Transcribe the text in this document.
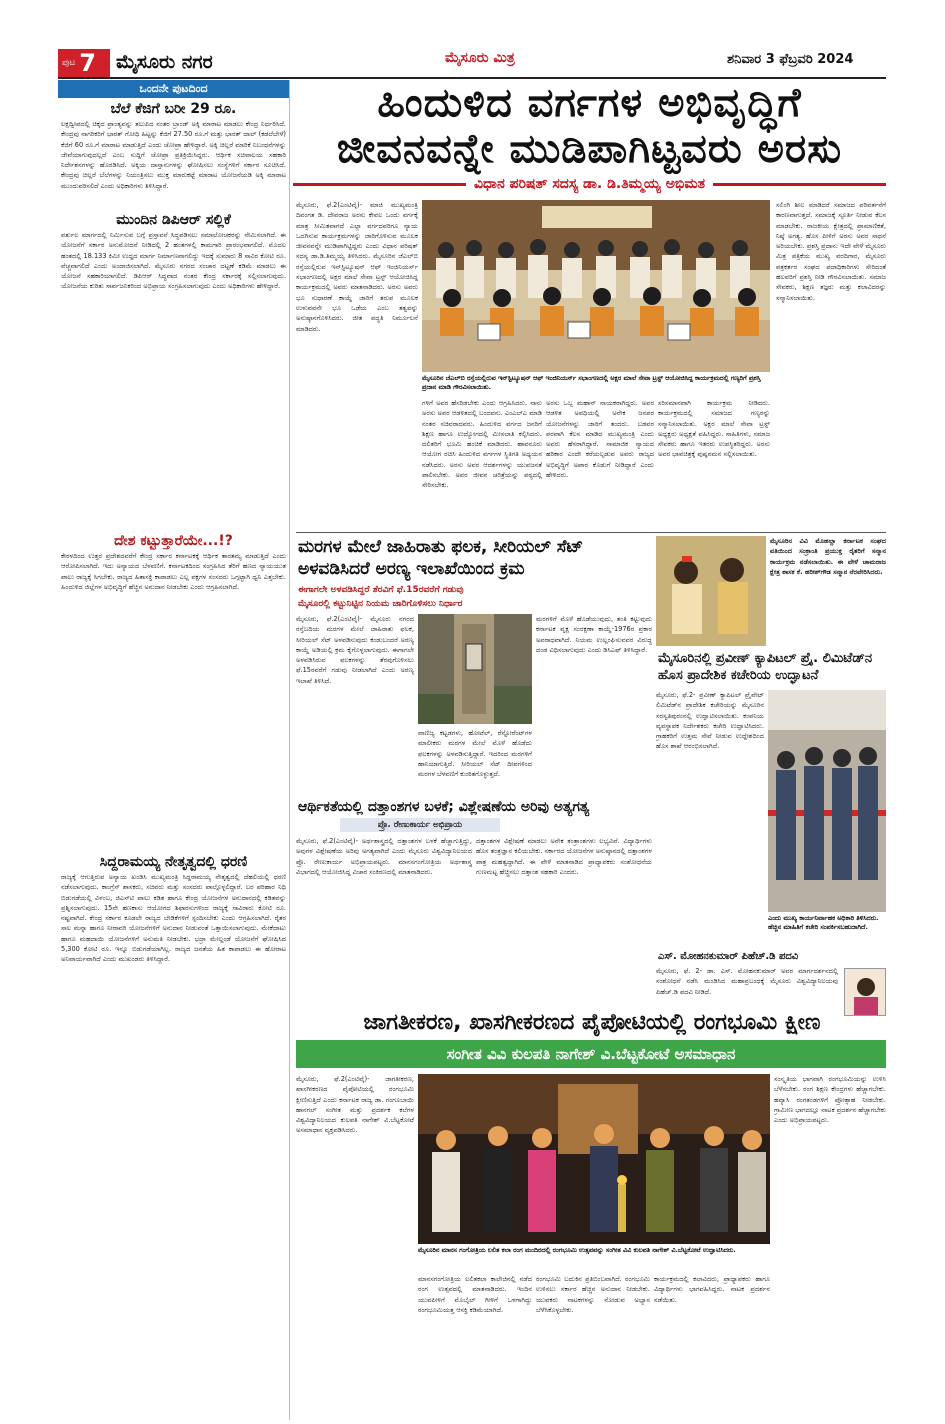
ಪುಟ 7 ಮೈಸೂರು ನಗರ	ಮೈಸೂರು ಮಿತ್ರ	ಶನಿವಾರ 3 ಫೆಬ್ರವರಿ 2024
ಒಂದನೇ ಪುಟದಿಂದ
ಬೆಲೆ ಕೆಜಿಗೆ ಬರೀ 29 ರೂ.
ಲಕ್ಷದ್ವೀಪದಲ್ಲಿ ಚಿಕ್ಕದ ಪ್ರಾಂತ್ಯವನ್ನು ತಲುಪಿದ ನಂತರ ಬ್ರಾಂಡ್ ಅಕ್ಕಿ ಮಾರಾಟ ಮಾಡಲು ಕೇಂದ್ರ ನಿರ್ಧರಿಸಿದೆ. ಕೇಂದ್ರವು ನಾಗರಿಕರಿಗೆ ಭಾರತ್ ಗೋಧಿ ಹಿಟ್ಟನ್ನು ಕೆಜಿಗೆ 27.50 ರೂ.ಗೆ ಮತ್ತು ಭಾರತ್ ದಾಲ್ (ಕಡಲೆಬೇಳೆ) ಕೆಜಿಗೆ 60 ರೂ.ಗೆ ಮಾರಾಟ ಮಾಡುತ್ತಿದೆ ಎಂದು ಚೋಪ್ರಾ ಹೇಳಿದ್ದಾರೆ. ಅಕ್ಕಿ ಚಿಲ್ಲರೆ ಮಾರಿಕೆ ನಿಬಂಧನೆಗಳನ್ನು ಜೇವೆಯಾಗುವುದಲ್ಲದೆ ಎಂಬ ಸುದ್ದಿಗೆ ಚೋಪ್ರಾ ಪ್ರತಿಕ್ರಿಯಿಸಿದ್ದರು. ಆರ್ಥಿಕ ಸಚಿವಾಲಯ ಸಹಕಾರಿ ನಿರ್ದೇಶನಗಳನ್ನು ಹೊರಡಿಸಿದೆ. ಅಕ್ಕಿಯ ದಾಸ್ತಾನುಗಳನ್ನು ಘೋಷಿಸಲು ಸಂಸ್ಥೆಗಳಿಗೆ ಸರ್ಕಾರ ಸೂಚಿಸಿದೆ. ಕೇಂದ್ರವು ಚಿಲ್ಲರೆ ಬೆಲೆಗಳನ್ನು ನಿಯಂತ್ರಿಸಲು ಮುಕ್ತ ಮಾರುಕಟ್ಟೆ ಮಾರಾಟ ಯೋಜನೆಯಡಿ ಅಕ್ಕಿ ಮಾರಾಟ ಮುಂದುವರಿಸಲಿದೆ ಎಂದು ಅಧಿಕಾರಿಗಳು ತಿಳಿಸಿದ್ದಾರೆ.
ಮುಂದಿನ ಡಿಪಿಆರ್ ಸಲ್ಲಿಕೆ
ವರ್ತುಲ ಮಾರ್ಗದಲ್ಲಿ ನಿರ್ಮಿಸುವ ಬಗ್ಗೆ ಪ್ರಸ್ತಾವನೆ ಸಿದ್ಧಪಡಿಸಲು ಸಮಾಲೋಚಕರನ್ನು ನೇಮಿಸಲಾಗಿದೆ. ಈ ಯೋಜನೆಗೆ ಸರ್ಕಾರ ಅನುಮೋದನೆ ನೀಡಿದಲ್ಲಿ 2 ಹಂತಗಳಲ್ಲಿ ಕಾಮಗಾರಿ ಪ್ರಾರಂಭವಾಗಲಿದೆ. ಮೊದಲ ಹಂತದಲ್ಲಿ 18.133 ಕಿಮೀ ಉದ್ದದ ಮಾರ್ಗ ನಿರ್ಮಾಣವಾಗಲಿದ್ದು ಇದಕ್ಕೆ ಸುಮಾರು 8 ಸಾವಿರ ಕೋಟಿ ರೂ. ವೆಚ್ಚವಾಗಲಿದೆ ಎಂದು ಅಂದಾಜಿಸಲಾಗಿದೆ. ಮೈಸೂರು ನಗರದ ಸಂಚಾರ ದಟ್ಟಣೆ ಕಡಿಮೆ ಮಾಡಲು ಈ ಯೋಜನೆ ಸಹಕಾರಿಯಾಗಲಿದೆ. ಡಿಪಿಆರ್ ಸಿದ್ಧವಾದ ನಂತರ ಕೇಂದ್ರ ಸರ್ಕಾರಕ್ಕೆ ಸಲ್ಲಿಸಲಾಗುವುದು. ಯೋಜನೆಯ ಕುರಿತು ಸಾರ್ವಜನಿಕರಿಂದ ಅಭಿಪ್ರಾಯ ಸಂಗ್ರಹಿಸಲಾಗುವುದು ಎಂದು ಅಧಿಕಾರಿಗಳು ಹೇಳಿದ್ದಾರೆ.
ದೇಶ ಕಟ್ಟುತ್ತಾರೆಯೇ...!?
ಕೇರಳದಿಂದ ಉತ್ತರ ಪ್ರದೇಶದವರೆಗೆ ಕೇಂದ್ರ ಸರ್ಕಾರ ಕರ್ನಾಟಕಕ್ಕೆ ಆರ್ಥಿಕ ತಾರತಮ್ಯ ಮಾಡುತ್ತಿದೆ ಎಂದು ಆರೋಪಿಸಲಾಗಿದೆ. ಇದು ಅನ್ಯಾಯದ ಬೆಳವಣಿಗೆ. ಕರ್ನಾಟಕದಿಂದ ಸಂಗ್ರಹಿಸಿದ ತೆರಿಗೆ ಹಣದ ನ್ಯಾಯಯುತ ಪಾಲು ರಾಜ್ಯಕ್ಕೆ ಸಿಗಬೇಕು. ರಾಜ್ಯದ ಹಿತಾಸಕ್ತಿ ಕಾಪಾಡಲು ಎಲ್ಲ ಪಕ್ಷಗಳ ಸಂಸದರು ಒಗ್ಗಟ್ಟಾಗಿ ಧ್ವನಿ ಎತ್ತಬೇಕು. ಹಿಂದುಳಿದ ಜಿಲ್ಲೆಗಳ ಅಭಿವೃದ್ಧಿಗೆ ಹೆಚ್ಚಿನ ಅನುದಾನ ನೀಡಬೇಕು ಎಂದು ಆಗ್ರಹಿಸಲಾಗಿದೆ.
ಸಿದ್ದರಾಮಯ್ಯ ನೇತೃತ್ವದಲ್ಲಿ ಧರಣಿ
ರಾಜ್ಯಕ್ಕೆ ಆಗುತ್ತಿರುವ ಅನ್ಯಾಯ ಖಂಡಿಸಿ ಮುಖ್ಯಮಂತ್ರಿ ಸಿದ್ದರಾಮಯ್ಯ ನೇತೃತ್ವದಲ್ಲಿ ದೆಹಲಿಯಲ್ಲಿ ಧರಣಿ ನಡೆಸಲಾಗುವುದು. ಕಾಂಗ್ರೆಸ್ ಶಾಸಕರು, ಸಚಿವರು ಮತ್ತು ಸಂಸದರು ಪಾಲ್ಗೊಳ್ಳಲಿದ್ದಾರೆ. ಬರ ಪರಿಹಾರ ನಿಧಿ ಬಿಡುಗಡೆಯಲ್ಲಿ ವಿಳಂಬ, ಜಿಎಸ್‌ಟಿ ಪಾಲು ಕಡಿತ ಹಾಗೂ ಕೇಂದ್ರ ಯೋಜನೆಗಳ ಅನುದಾನದಲ್ಲಿ ಕಡಿತವನ್ನು ಪ್ರಶ್ನಿಸಲಾಗುವುದು. 15ನೇ ಹಣಕಾಸು ಆಯೋಗದ ಶಿಫಾರಸುಗಳಿಂದ ರಾಜ್ಯಕ್ಕೆ ಸಾವಿರಾರು ಕೋಟಿ ರೂ. ನಷ್ಟವಾಗಿದೆ. ಕೇಂದ್ರ ಸರ್ಕಾರ ಕೂಡಲೇ ರಾಜ್ಯದ ಬೇಡಿಕೆಗಳಿಗೆ ಸ್ಪಂದಿಸಬೇಕು ಎಂದು ಆಗ್ರಹಿಸಲಾಗಿದೆ. ರೈತರ ಸಾಲ ಮನ್ನಾ ಹಾಗೂ ನೀರಾವರಿ ಯೋಜನೆಗಳಿಗೆ ಅನುದಾನ ನೀಡುವಂತೆ ಒತ್ತಾಯಿಸಲಾಗುವುದು. ಮೇಕೆದಾಟು ಹಾಗೂ ಮಹದಾಯಿ ಯೋಜನೆಗಳಿಗೆ ಅನುಮತಿ ನೀಡಬೇಕು. ಭದ್ರಾ ಮೇಲ್ದಂಡೆ ಯೋಜನೆಗೆ ಘೋಷಿಸಿದ 5,300 ಕೋಟಿ ರೂ. ಇನ್ನೂ ಬಿಡುಗಡೆಯಾಗಿಲ್ಲ. ರಾಜ್ಯದ ಜನತೆಯ ಹಿತ ಕಾಪಾಡಲು ಈ ಹೋರಾಟ ಅನಿವಾರ್ಯವಾಗಿದೆ ಎಂದು ಮುಖಂಡರು ತಿಳಿಸಿದ್ದಾರೆ.
ಹಿಂದುಳಿದ ವರ್ಗಗಳ ಅಭಿವೃದ್ಧಿಗೆ
ಜೀವನವನ್ನೇ ಮುಡಿಪಾಗಿಟ್ಟವರು ಅರಸು
ವಿಧಾನ ಪರಿಷತ್ ಸದಸ್ಯ ಡಾ. ಡಿ.ತಿಮ್ಮಯ್ಯ ಅಭಿಮತ
ಮೈಸೂರು, ಫೆ.2(ಎಂಟಿವೈ)- ಮಾಜಿ ಮುಖ್ಯಮಂತ್ರಿ ದಿವಂಗತ ಡಿ. ದೇವರಾಜ ಅರಸು ಕೇವಲ ಒಂದು ವರ್ಗಕ್ಕೆ ಮಾತ್ರ ಸೀಮಿತವಾಗದೆ ಎಲ್ಲಾ ವರ್ಗದವರಿಗೂ ನ್ಯಾಯ ಒದಗಿಸುವ ಕಾರ್ಯಕ್ರಮಗಳನ್ನು ಜಾರಿಗೊಳಿಸುವ ಮೂಲಕ ಜೀವನವನ್ನೇ ಮುಡಿಪಾಗಿಟ್ಟಿದ್ದರು ಎಂದು ವಿಧಾನ ಪರಿಷತ್ ಸದಸ್ಯ ಡಾ.ಡಿ.ತಿಮ್ಮಯ್ಯ ತಿಳಿಸಿದರು. ಮೈಸೂರಿನ ಜೆಎಲ್‌ಬಿ ರಸ್ತೆಯಲ್ಲಿರುವ ಇನ್‌ಸ್ಟಿಟ್ಯೂಷನ್ ಆಫ್ ಇಂಜಿನಿಯರ್ಸ್ ಸಭಾಂಗಣದಲ್ಲಿ ಅಕ್ಷರ ಮಾಲೆ ಸೇವಾ ಟ್ರಸ್ಟ್ ಆಯೋಜಿಸಿದ್ದ ಕಾರ್ಯಕ್ರಮದಲ್ಲಿ ಅವರು ಮಾತನಾಡಿದರು. ಅರಸು ಅವರು ಭೂ ಸುಧಾರಣೆ ಕಾಯ್ದೆ ಜಾರಿಗೆ ತರುವ ಮೂಲಕ ಉಳುವವನೇ ಭೂ ಒಡೆಯ ಎಂಬ ತತ್ವವನ್ನು ಅನುಷ್ಠಾನಗೊಳಿಸಿದರು. ಜೀತ ಪದ್ಧತಿ ನಿರ್ಮೂಲನೆ ಮಾಡಿದರು.
ಮೈಸೂರಿನ ಜೆಎಲ್‌ಬಿ ರಸ್ತೆಯಲ್ಲಿರುವ ಇನ್‌ಸ್ಟಿಟ್ಯೂಷನ್ ಆಫ್ ಇಂಜಿನಿಯರ್ಸ್ ಸಭಾಂಗಣದಲ್ಲಿ ಅಕ್ಷರ ಮಾಲೆ ಸೇವಾ ಟ್ರಸ್ಟ್ ಆಯೋಜಿಸಿದ್ದ ಕಾರ್ಯಕ್ರಮದಲ್ಲಿ ಗಣ್ಯರಿಗೆ ಪ್ರಶಸ್ತಿ ಪ್ರದಾನ ಮಾಡಿ ಗೌರವಿಸಲಾಯಿತು.
ಗಳಿಗೆ ಅವರ ಹೆಸರಿಡಬೇಕು ಎಂದು ಆಗ್ರಹಿಸಿದರು. ನಾನು ಅರಸು ಅವರ ಆಡಳಿತದಲ್ಲಿ ಬಂದವನು. ಎಂಎಲ್‌ಎ ಮಾಡಿ ನಂತರ ಸಚಿವರಾದವರು. ಹಿಂದುಳಿದ ವರ್ಗದ ಜನರಿಗೆ ಶಿಕ್ಷಣ ಹಾಗೂ ಉದ್ಯೋಗದಲ್ಲಿ ಮೀಸಲಾತಿ ಕಲ್ಪಿಸಿದರು. ದಲಿತರಿಗೆ ಭೂಮಿ ಹಂಚಿಕೆ ಮಾಡಿದರು. ಹಾವನೂರು ಆಯೋಗ ರಚಿಸಿ ಹಿಂದುಳಿದ ವರ್ಗಗಳ ಸ್ಥಿತಿಗತಿ ಅಧ್ಯಯನ ನಡೆಸಿದರು. ಅರಸು ಅವರ ಆದರ್ಶಗಳನ್ನು ಯುವಜನತೆ ಪಾಲಿಸಬೇಕು. ಅವರ ಜೀವನ ಚರಿತ್ರೆಯನ್ನು ಪಠ್ಯದಲ್ಲಿ ಸೇರಿಸಬೇಕು.
ಅರಸು ಒಬ್ಬ ಮಹಾನ್ ನಾಯಕರಾಗಿದ್ದರು. ಅವರ ಆಡಳಿತ ಅವಧಿಯಲ್ಲಿ ಅನೇಕ ಜನಪರ ಯೋಜನೆಗಳನ್ನು ಜಾರಿಗೆ ತಂದರು. ಬಡವರ ಪರವಾಗಿ ಕೆಲಸ ಮಾಡಿದ ಮುಖ್ಯಮಂತ್ರಿ ಎಂದು ಅವರು ಹೆಸರಾಗಿದ್ದಾರೆ. ಸಾಮಾಜಿಕ ನ್ಯಾಯದ ಹರಿಕಾರ ಎಂದೇ ಕರೆಯಲ್ಪಡುವ ಅವರು ರಾಜ್ಯದ ಅಭಿವೃದ್ಧಿಗೆ ಅಪಾರ ಕೊಡುಗೆ ನೀಡಿದ್ದಾರೆ ಎಂದು ಹೇಳಿದರು.
ಸರಿಸಮಾನವಾಗಿ ಕಾರ್ಯಕ್ರಮ ನೀಡಿದರು. ಕಾರ್ಯಕ್ರಮದಲ್ಲಿ ಸಮಾಜದ ಗಣ್ಯರನ್ನು ಸನ್ಮಾನಿಸಲಾಯಿತು. ಅಕ್ಷರ ಮಾಲೆ ಸೇವಾ ಟ್ರಸ್ಟ್ ಅಧ್ಯಕ್ಷರು ಅಧ್ಯಕ್ಷತೆ ವಹಿಸಿದ್ದರು. ಸಾಹಿತಿಗಳು, ಸಮಾಜ ಸೇವಕರು ಹಾಗೂ ಇತರರು ಉಪಸ್ಥಿತರಿದ್ದರು. ಅರಸು ಅವರ ಭಾವಚಿತ್ರಕ್ಕೆ ಪುಷ್ಪನಮನ ಸಲ್ಲಿಸಲಾಯಿತು.
ಸಲಿಂಗಿ ಶೀಲ ಮಾಡಿದರೆ ಸಮಾಜದ ಪರಿವರ್ತನೆಗೆ ಕಾರಣವಾಗುತ್ತದೆ. ಸಮಾಜಕ್ಕೆ ಸ್ಫೂರ್ತಿ ನೀಡುವ ಕೆಲಸ ಮಾಡಬೇಕು. ರಾಜಕೀಯ ಕ್ಷೇತ್ರದಲ್ಲಿ ಪ್ರಾಮಾಣಿಕತೆ, ನಿಷ್ಠೆ ಅಗತ್ಯ. ಹೊಸ ಪೀಳಿಗೆ ಅರಸು ಅವರ ಸಾಧನೆ ಅರಿಯಬೇಕು. ಪ್ರಶಸ್ತಿ ಪ್ರದಾನ: ಇದೇ ವೇಳೆ ಮೈಸೂರು ಮಿತ್ರ ಪತ್ರಿಕೆಯ ಮುಖ್ಯ ವರದಿಗಾರ, ಮೈಸೂರು ಪತ್ರಕರ್ತರ ಸಂಘದ ಪದಾಧಿಕಾರಿಗಳು ಸೇರಿದಂತೆ ಹಲವರಿಗೆ ಪ್ರಶಸ್ತಿ ನೀಡಿ ಗೌರವಿಸಲಾಯಿತು. ಸಮಾಜ ಸೇವಕರು, ಶಿಕ್ಷಣ ತಜ್ಞರು ಮತ್ತು ಕಲಾವಿದರನ್ನು ಸನ್ಮಾನಿಸಲಾಯಿತು.
ಮರಗಳ ಮೇಲೆ ಜಾಹಿರಾತು ಫಲಕ, ಸೀರಿಯಲ್ ಸೆಟ್ ಅಳವಡಿಸಿದರೆ ಅರಣ್ಯ ಇಲಾಖೆಯಿಂದ ಕ್ರಮ
ಈಗಾಗಲೇ ಅಳವಡಿಸಿದ್ದರೆ ತೆರವಿಗೆ ಫೆ.15ರವರೆಗೆ ಗಡುವು
ಮೈಸೂರಲ್ಲಿ ಕಟ್ಟುನಿಟ್ಟಿನ ನಿಯಮ ಜಾರಿಗೊಳಿಸಲು ನಿರ್ಧಾರ
ಮೈಸೂರು, ಫೆ.2(ಎಂಟಿವೈ)- ಮೈಸೂರು ನಗರದ ರಸ್ತೆಬದಿಯ ಮರಗಳ ಮೇಲೆ ಜಾಹಿರಾತು ಫಲಕ, ಸೀರಿಯಲ್ ಸೆಟ್ ಅಳವಡಿಸುವುದು ಕಂಡುಬಂದರೆ ಅರಣ್ಯ ಕಾಯ್ದೆ ಅಡಿಯಲ್ಲಿ ಕ್ರಮ ಕೈಗೊಳ್ಳಲಾಗುವುದು. ಈಗಾಗಲೇ ಅಳವಡಿಸಿರುವ ಫಲಕಗಳನ್ನು ತೆರವುಗೊಳಿಸಲು ಫೆ.15ರವರೆಗೆ ಗಡುವು ನೀಡಲಾಗಿದೆ ಎಂದು ಅರಣ್ಯ ಇಲಾಖೆ ತಿಳಿಸಿದೆ.
ವಾಣಿಜ್ಯ ಕಟ್ಟಡಗಳು, ಹೋಟೆಲ್, ರೆಸ್ಟೋರೆಂಟ್‌ಗಳ ಮಾಲೀಕರು ಮರಗಳ ಮೇಲೆ ಮೊಳೆ ಹೊಡೆದು ಫಲಕಗಳನ್ನು ಅಳವಡಿಸುತ್ತಿದ್ದಾರೆ. ಇದರಿಂದ ಮರಗಳಿಗೆ ಹಾನಿಯಾಗುತ್ತಿದೆ. ಸೀರಿಯಲ್ ಸೆಟ್ ದೀಪಗಳಿಂದ ಮರಗಳ ಬೆಳವಣಿಗೆ ಕುಂಠಿತಗೊಳ್ಳುತ್ತದೆ.
ಮರಗಳಿಗೆ ಮೊಳೆ ಹೊಡೆಯುವುದು, ತಂತಿ ಕಟ್ಟುವುದು ಕರ್ನಾಟಕ ವೃಕ್ಷ ಸಂರಕ್ಷಣಾ ಕಾಯ್ದೆ-1976ರ ಪ್ರಕಾರ ಅಪರಾಧವಾಗಿದೆ. ನಿಯಮ ಉಲ್ಲಂಘಿಸುವವರ ವಿರುದ್ಧ ದಂಡ ವಿಧಿಸಲಾಗುವುದು ಎಂದು ಡಿಸಿಎಫ್ ತಿಳಿಸಿದ್ದಾರೆ.
ಆರ್ಥಿಕತೆಯಲ್ಲಿ ದತ್ತಾಂಶಗಳ ಬಳಕೆ; ವಿಶ್ಲೇಷಣೆಯ ಅರಿವು ಅತ್ಯಗತ್ಯ
ಪ್ರೊ. ರೇಣುಕಾರ್ಯ ಅಭಿಪ್ರಾಯ
ಮೈಸೂರು, ಫೆ.2(ಎಂಟಿವೈ)- ಅರ್ಥಶಾಸ್ತ್ರದಲ್ಲಿ ದತ್ತಾಂಶಗಳ ಬಳಕೆ ಹೆಚ್ಚಾಗುತ್ತಿದ್ದು, ಅವುಗಳ ವಿಶ್ಲೇಷಣೆಯ ಅರಿವು ಅಗತ್ಯವಾಗಿದೆ ಎಂದು ಮೈಸೂರು ವಿಶ್ವವಿದ್ಯಾನಿಲಯದ ಪ್ರೊ. ರೇಣುಕಾರ್ಯ ಅಭಿಪ್ರಾಯಪಟ್ಟರು. ಮಾನಸಗಂಗೋತ್ರಿಯ ಅರ್ಥಶಾಸ್ತ್ರ ವಿಭಾಗದಲ್ಲಿ ಆಯೋಜಿಸಿದ್ದ ವಿಚಾರ ಸಂಕಿರಣದಲ್ಲಿ ಮಾತನಾಡಿದರು.
ದತ್ತಾಂಶಗಳ ವಿಶ್ಲೇಷಣೆ ಮಾಡಲು ಅನೇಕ ತಂತ್ರಾಂಶಗಳು ಲಭ್ಯವಿವೆ. ವಿದ್ಯಾರ್ಥಿಗಳು ಹೊಸ ತಂತ್ರಜ್ಞಾನ ಕಲಿಯಬೇಕು. ಸರ್ಕಾರದ ಯೋಜನೆಗಳ ಅನುಷ್ಠಾನದಲ್ಲಿ ದತ್ತಾಂಶಗಳ ಪಾತ್ರ ಮಹತ್ವದ್ದಾಗಿದೆ. ಈ ವೇಳೆ ಮಾತನಾಡಿದ ಪ್ರಾಧ್ಯಾಪಕರು ಸಂಶೋಧನೆಯ ಗುಣಮಟ್ಟ ಹೆಚ್ಚಿಸಲು ದತ್ತಾಂಶ ಸಹಕಾರಿ ಎಂದರು.
ಮೈಸೂರಿನ ವಿವಿ ಮೊಹಲ್ಲಾ ಕರ್ನಾಟಕ ಸಂಘದ ವತಿಯಿಂದ ಸಂಕ್ರಾಂತಿ ಪ್ರಯುಕ್ತ ರೈತರಿಗೆ ಸನ್ಮಾನ ಕಾರ್ಯಕ್ರಮ ನಡೆಸಲಾಯಿತು. ಈ ವೇಳೆ ಚಾಮರಾಜ ಕ್ಷೇತ್ರ ಶಾಸಕ ಕೆ. ಹರೀಶ್‌ಗೌಡ ಸನ್ಮಾನ ನೆರವೇರಿಸಿದರು.
ಮೈಸೂರಿನಲ್ಲಿ ಪ್ರವೀಣ್ ಕ್ಯಾಪಿಟಲ್ ಪ್ರೈ. ಲಿಮಿಟೆಡ್‌ನ ಹೊಸ ಪ್ರಾದೇಶಿಕ ಕಚೇರಿಯ ಉದ್ಘಾಟನೆ
ಮೈಸೂರು, ಫೆ.2- ಪ್ರವೀಣ್ ಕ್ಯಾಪಿಟಲ್ ಪ್ರೈವೇಟ್ ಲಿಮಿಟೆಡ್‌ನ ಪ್ರಾದೇಶಿಕ ಕಚೇರಿಯನ್ನು ಮೈಸೂರಿನ ಸರಸ್ವತಿಪುರಂನಲ್ಲಿ ಉದ್ಘಾಟಿಸಲಾಯಿತು. ಕಂಪನಿಯ ವ್ಯವಸ್ಥಾಪಕ ನಿರ್ದೇಶಕರು ಕಚೇರಿ ಉದ್ಘಾಟಿಸಿದರು. ಗ್ರಾಹಕರಿಗೆ ಉತ್ತಮ ಸೇವೆ ನೀಡುವ ಉದ್ದೇಶದಿಂದ ಹೊಸ ಶಾಖೆ ಆರಂಭಿಸಲಾಗಿದೆ.
ಎಂದು ಮುಖ್ಯ ಕಾರ್ಯನಿರ್ವಾಹಕ ಅಧಿಕಾರಿ ತಿಳಿಸಿದರು. ಹೆಚ್ಚಿನ ಮಾಹಿತಿಗೆ ಕಚೇರಿ ಸಂಪರ್ಕಿಸಬಹುದಾಗಿದೆ.
ಎಸ್. ಮೋಹನಕುಮಾರ್ ಪಿಹೆಚ್.ಡಿ ಪದವಿ
ಮೈಸೂರು, ಫೆ. 2- ಡಾ. ಎಸ್. ಮೋಹನಕುಮಾರ್ ಅವರ ಮಾರ್ಗದರ್ಶನದಲ್ಲಿ ಸಂಶೋಧನೆ ನಡೆಸಿ ಮಂಡಿಸಿದ ಮಹಾಪ್ರಬಂಧಕ್ಕೆ ಮೈಸೂರು ವಿಶ್ವವಿದ್ಯಾನಿಲಯವು ಪಿಹೆಚ್.ಡಿ ಪದವಿ ನೀಡಿದೆ.
ಜಾಗತೀಕರಣ, ಖಾಸಗೀಕರಣದ ಪೈಪೋಟಿಯಲ್ಲಿ ರಂಗಭೂಮಿ ಕ್ಷೀಣ
ಸಂಗೀತ ವಿವಿ ಕುಲಪತಿ ನಾಗೇಶ್ ವಿ.ಬೆಟ್ಟಕೋಟೆ ಅಸಮಾಧಾನ
ಮೈಸೂರು, ಫೆ.2(ಎಂಟಿವೈ)- ಜಾಗತೀಕರಣ, ಖಾಸಗೀಕರಣದ ಪೈಪೋಟಿಯಲ್ಲಿ ರಂಗಭೂಮಿ ಕ್ಷೀಣಿಸುತ್ತಿದೆ ಎಂದು ಕರ್ನಾಟಕ ರಾಜ್ಯ ಡಾ. ಗಂಗೂಬಾಯಿ ಹಾನಗಲ್ ಸಂಗೀತ ಮತ್ತು ಪ್ರದರ್ಶಕ ಕಲೆಗಳ ವಿಶ್ವವಿದ್ಯಾನಿಲಯದ ಕುಲಪತಿ ನಾಗೇಶ್ ವಿ.ಬೆಟ್ಟಕೋಟೆ ಅಸಮಾಧಾನ ವ್ಯಕ್ತಪಡಿಸಿದರು.
ಮೈಸೂರಿನ ಮಾನಸ ಗಂಗೋತ್ರಿಯ ಲಲಿತ ಕಲಾ ರಂಗ ಮಂದಿರದಲ್ಲಿ ರಂಗಭೂಮಿ ಉತ್ಸವವನ್ನು ಸಂಗೀತ ವಿವಿ ಕುಲಪತಿ ನಾಗೇಶ್ ವಿ.ಬೆಟ್ಟಕೋಟೆ ಉದ್ಘಾಟಿಸಿದರು.
ಮಾನಸಗಂಗೋತ್ರಿಯ ಲಲಿತಕಲಾ ಕಾಲೇಜಿನಲ್ಲಿ ನಡೆದ ರಂಗ ಉತ್ಸವದಲ್ಲಿ ಮಾತನಾಡಿದರು. ಇಂದಿನ ಯುವಪೀಳಿಗೆ ಮೊಬೈಲ್ ಗೀಳಿಗೆ ಒಳಗಾಗಿದ್ದು ರಂಗಭೂಮಿಯತ್ತ ಆಸಕ್ತಿ ಕಡಿಮೆಯಾಗಿದೆ.
ರಂಗಭೂಮಿ ಬದುಕಿನ ಪ್ರತಿಬಿಂಬವಾಗಿದೆ. ರಂಗಭೂಮಿ ಉಳಿಸಲು ಸರ್ಕಾರ ಹೆಚ್ಚಿನ ಅನುದಾನ ನೀಡಬೇಕು. ಯುವಕರು ನಾಟಕಗಳನ್ನು ನೋಡುವ ಅಭ್ಯಾಸ ಬೆಳೆಸಿಕೊಳ್ಳಬೇಕು.
ಕಾರ್ಯಕ್ರಮದಲ್ಲಿ ಕಲಾವಿದರು, ಪ್ರಾಧ್ಯಾಪಕರು ಹಾಗೂ ವಿದ್ಯಾರ್ಥಿಗಳು ಭಾಗವಹಿಸಿದ್ದರು. ನಾಟಕ ಪ್ರದರ್ಶನ ನಡೆಯಿತು.
ಸಂಸ್ಕೃತಿಯ ಭಾಗವಾಗಿ ರಂಗಭೂಮಿಯನ್ನು ಉಳಿಸಿ ಬೆಳೆಸಬೇಕು. ರಂಗ ಶಿಕ್ಷಣ ಕೇಂದ್ರಗಳು ಹೆಚ್ಚಾಗಬೇಕು. ಹವ್ಯಾಸಿ ರಂಗತಂಡಗಳಿಗೆ ಪ್ರೋತ್ಸಾಹ ನೀಡಬೇಕು. ಗ್ರಾಮೀಣ ಭಾಗದಲ್ಲೂ ನಾಟಕ ಪ್ರದರ್ಶನ ಹೆಚ್ಚಾಗಬೇಕು ಎಂದು ಅಭಿಪ್ರಾಯಪಟ್ಟರು.
